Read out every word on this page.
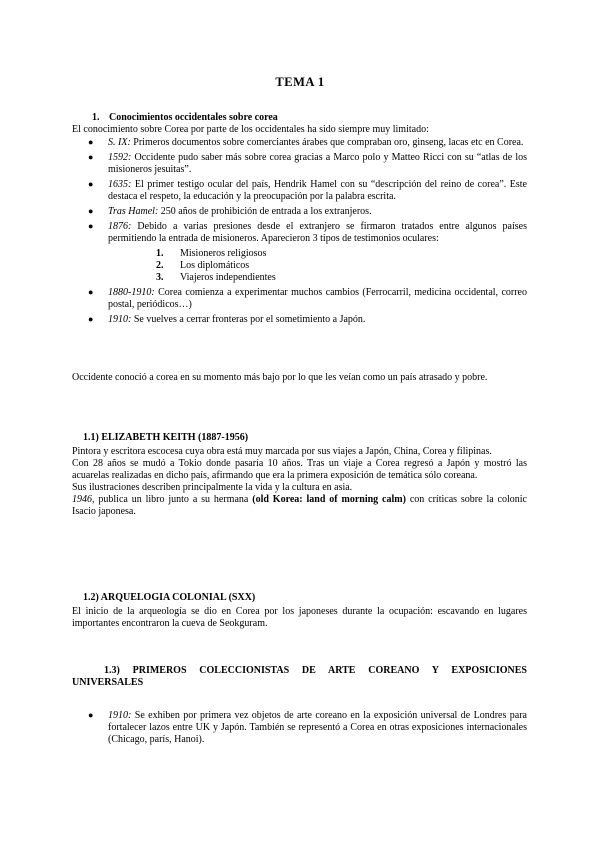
TEMA 1
1. Conocimientos occidentales sobre corea
El conocimiento sobre Corea por parte de los occidentales ha sido siempre muy limitado:
● S. IX: Primeros documentos sobre comerciantes árabes que compraban oro, ginseng, lacas etc en Corea.
● 1592: Occidente pudo saber más sobre corea gracias a Marco polo y Matteo Ricci con su “atlas de los misioneros jesuitas”.
● 1635: El primer testigo ocular del país, Hendrik Hamel con su “descripción del reino de corea”. Este destaca el respeto, la educación y la preocupación por la palabra escrita.
● Tras Hamel: 250 años de prohibición de entrada a los extranjeros.
● 1876: Debido a varias presiones desde el extranjero se firmaron tratados entre algunos países permitiendo la entrada de misioneros. Aparecieron 3 tipos de testimonios oculares:
1. Misioneros religiosos
2. Los diplomáticos
3. Viajeros independientes
● 1880-1910: Corea comienza a experimentar muchos cambios (Ferrocarril, medicina occidental, correo postal, periódicos…)
● 1910: Se vuelves a cerrar fronteras por el sometimiento a Japón.
Occidente conoció a corea en su momento más bajo por lo que les veían como un país atrasado y pobre.
1.1) ELIZABETH KEITH (1887-1956)
Pintora y escritora escocesa cuya obra está muy marcada por sus viajes a Japón, China, Corea y filipinas.
Con 28 años se mudó a Tokio donde pasaría 10 años. Tras un viaje a Corea regresó a Japón y mostró las acuarelas realizadas en dicho país, afirmando que era la primera exposición de temática sólo coreana.
Sus ilustraciones describen principalmente la vida y la cultura en asia.
1946, publica un libro junto a su hermana (old Korea: land of morning calm) con críticas sobre la colonic Isacio japonesa.
1.2) ARQUELOGIA COLONIAL (SXX)
El inicio de la arqueología se dio en Corea por los japoneses durante la ocupación: escavando en lugares importantes encontraron la cueva de Seokguram.
1.3) PRIMEROS COLECCIONISTAS DE ARTE COREANO Y EXPOSICIONES UNIVERSALES
● 1910: Se exhiben por primera vez objetos de arte coreano en la exposición universal de Londres para fortalecer lazos entre UK y Japón. También se representó a Corea en otras exposiciones internacionales (Chicago, parís, Hanoi).
